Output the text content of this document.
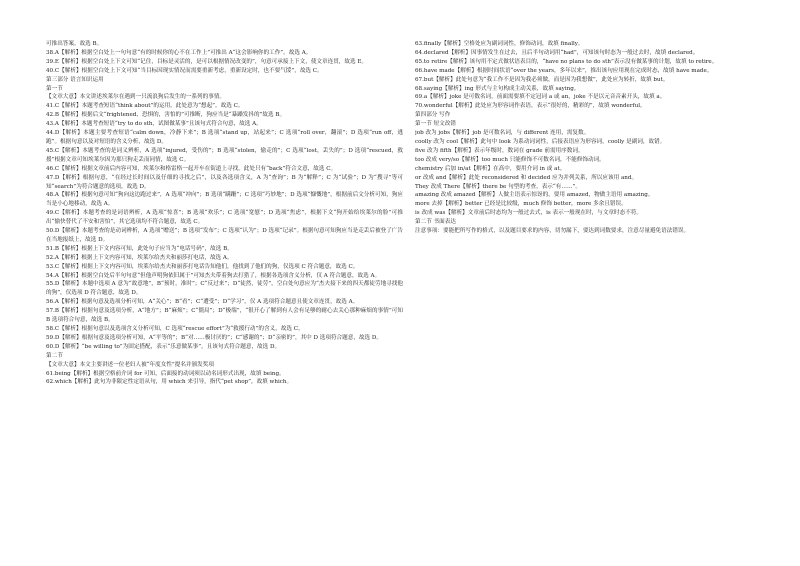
可推出答案。故选 B。

38.A【解析】根据空白处上一句句意“有的时候你的心不在工作上”可推出 A“这会影响你的工作”。故选 A。

39.E【解析】根据空白处上下文可知“记住，目标是灵活的，是可以根据情况改变的”，句意可承接上下文，使文章连贯，故选 E。

40.C【解析】根据空白处上下文可知“当目标因现实情况而需要重新考虑，重新设定时，也不要气馁”，故选 C。

第三部分 语言知识运用

第一节

【文章大意】本文讲述埃莱尔在遇到一只流浪狗后发生的一系列的事情。

41.C【解析】本题考查短语“think about”的运用，此处意为“想起”。故选 C。

42.B【解析】根据后文“frightened、恐惧的，害怕的”可推断，狗应当是“暴躁发抖的”故选 B。

43.A【解析】本题考查短语“try to do sth，试图做某事”且该句式符合句意，故选 A。

44.D【解析】本题主要考查短语“calm down，冷静下来”；B 选项“stand up，站起来”；C 选项“roll over，翻滚”；D 选项“run off，逃跑”。根据句意以及对短语的含义分析，故选 D。

45.C【解析】本题考查的是词义辨析，A 选项“injured，受伤的”；B 选项“stolen，偷走的”；C 选项“lost，丢失的”；D 选项“rescued，救援”根据文章可知埃莱尔因为那只狗走丢而同情，故选 C。

46.C【解析】根据文章前后内容可知，埃莱尔和格雷格一起开车在街道上寻找，此处只有“back”符合文意，故选 C。

47.D【解析】根据句意，“在经过长时间以及仔细的寻找之后”，以及各选项含义，A 为“查询”；B 为“解释”；C 为“试验”；D 为“搜寻”等可知“search”为符合题意的选项，故选 D。

48.A【解析】根据句意可知“狗向这边跑过来”，A 选项“冲向”；B 选项“蹒跚”；C 选项“巧妙地”；D 选项“慷慨地”，根据前后文分析可知，狗应当是小心地移动，故选 A。

49.C【解析】本题考查的是词语辨析，A 选项“惊喜”；B 选项“欢乐”；C 选项“宽慰”；D 选项“焦虑”，根据下文“狗开始给埃莱尔的脸”可推出“愉快替代了不安和害怕”，其它选项均不符合题意，故选 C。

50.D【解析】本题考查的是动词辨析，A 选项“赠送”；B 选项“发布”；C 选项“认为”；D 选项“记录”。根据句意可知狗应当是走丢后被登了广告在当地报纸上，故选 D。

51.B【解析】根据上下文内容可知，此处句子应当为“电话号码”，故选 B。

52.A【解析】根据上下文内容可知，埃莱尔给杰夫和丽莎打电话，故选 A。

53.C【解析】根据上下文内容可知，埃莱尔给杰夫和丽莎打电话告知他们，他找到了他们的狗，仅选项 C 符合题意，故选 C。

54.A【解析】根据空白处后半句句意“但他声明狗依旧属于”可知杰夫带着狗去打猎了，根据各选项含义分析，仅 A 符合题意，故选 A。

55.D【解析】本题中选项 A 意为“故意地”，B“预时，准时”；C“反过来”；D“徒然，徒劳”，空白处句意应为“杰夫接下来的四天都徒劳地寻找他的狗”，仅选项 D 符合题意，故选 D。

56.A【解析】根据句意及选项分析可知，A“关心”；B“看”；C“遭受”；D“学习”，仅 A 选项符合题意且使文章连贯，故选 A。

57.B【解析】根据句意及选项分析，A“地方”；B“麻烦”；C“僵局”；D“极端”，“很开心了解到有人会有足够的耐心去关心那种麻烦的事情”可知 B 选项符合句意，故选 B。

58.C【解析】根据句意以及选项含义分析可知，C 选项“rescue effort”为“救援行动”的含义，故选 C。

59.D【解析】根据句意及选项分析可知，A“平等的”；B“对……极讨厌的”；C“感谢的”；D“亲密的”，其中 D 选项符合题意，故选 D。

60.D【解析】“be willing to”为固定搭配，表示“乐意做某事”，且该句式符合题意，故选 D。

第二节

【文章大意】本文主要讲述一位老妇人被“年度女性”提名并颁发奖项

61.being【解析】根据空格前介词 for 可知，后面接的动词须以动名词形式出现，故填 being。

62.which【解析】此句为非限定性定语从句，用 which 来引导，指代“pet shop”，故填 which。

63.finally【解析】空格处应为副词词性，修饰动词，故填 finally。

64.declared【解析】因事情发生在过去，且后半句动词用“had”，可知该句时态为一般过去时，故填 declared。

65.to retire【解析】该句用不定式做状语表目的，“have no plans to do sth”表示没有做某事的计划，故填 to retire。

66.have made【解析】根据时间状语“over the years，多年以来”，推出该句应用现在完成时态，故填 have made。

67.but【解析】此处句意为“我工作不是因为我必须做，而是因为我想做”，此处应为转折，故填 but。

68.saying【解析】ing 形式与主句构成主动关系，故填 saying。

69.a【解析】joke 是可数名词，前面需要填不定冠词 a 或 an，joke 不是以元音音素开头，故填 a。

70.wonderful【解析】此处应为形容词作表语，表示“很好的，精彩的”，故填 wonderful。

第四部分 写作

第一节 短文改错

job 改为 jobs【解析】job 是可数名词，与 different 连用，需复数。

coolly 改为 cool【解析】此句中 look 为系动词词性，后接表语应为形容词，coolly 是副词，故错。

five 改为 fifth【解析】表示年级时，数词在 grade 前需用序数词。

too 改成 very/so【解析】too much 只能修饰不可数名词，不能修饰动词。

chemistry 后加 in/at【解析】在高中，要用介词 in 或 at。

or 改成 and【解析】此处 reconsidered 和 decided 应为并列关系，所以应该用 and。

They 改成 There【解析】there be 句型的考查，表示“有……”。

amazing 改成 amazed【解析】人做主语表示惊讶的，要用 amazed，物做主语用 amazing。

more 去掉【解析】better 已经是比较级，much 修饰 better，more 多余且错误。

is 改成 was【解析】文章前后时态均为一般过去式，is 表示一般现在时，与文章时态不符。

第二节 书面表达

注意事项：要能把所写作的格式，以及题目要求的内容，切勿漏下，要达到词数要求，注意尽量避免语法错误。
